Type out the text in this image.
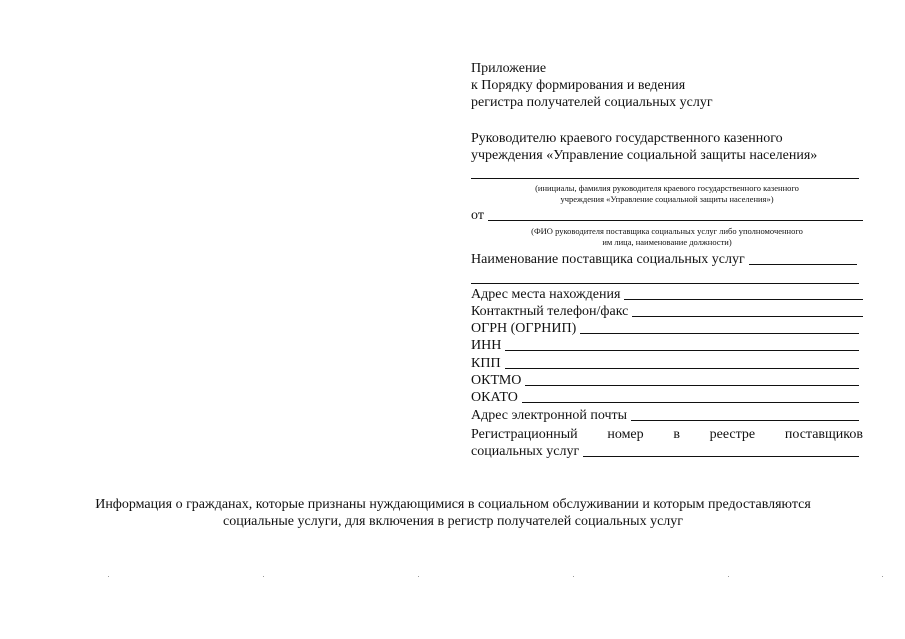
Приложение
к Порядку формирования и ведения
регистра получателей социальных услуг
Руководителю краевого государственного казенного
учреждения «Управление социальной защиты населения»
(инициалы, фамилия руководителя краевого государственного казенного
учреждения «Управление социальной защиты населения»)
от
(ФИО руководителя поставщика социальных услуг либо уполномоченного
им лица, наименование должности)
Наименование поставщика социальных услуг
Адрес места нахождения
Контактный телефон/факс
ОГРН (ОГРНИП)
ИНН
КПП
ОКТМО
ОКАТО
Адрес электронной почты
Регистрационный номер в реестре поставщиков
социальных услуг
Информация о гражданах, которые признаны нуждающимися в социальном обслуживании и которым предоставляются
социальные услуги, для включения в регистр получателей социальных услуг
